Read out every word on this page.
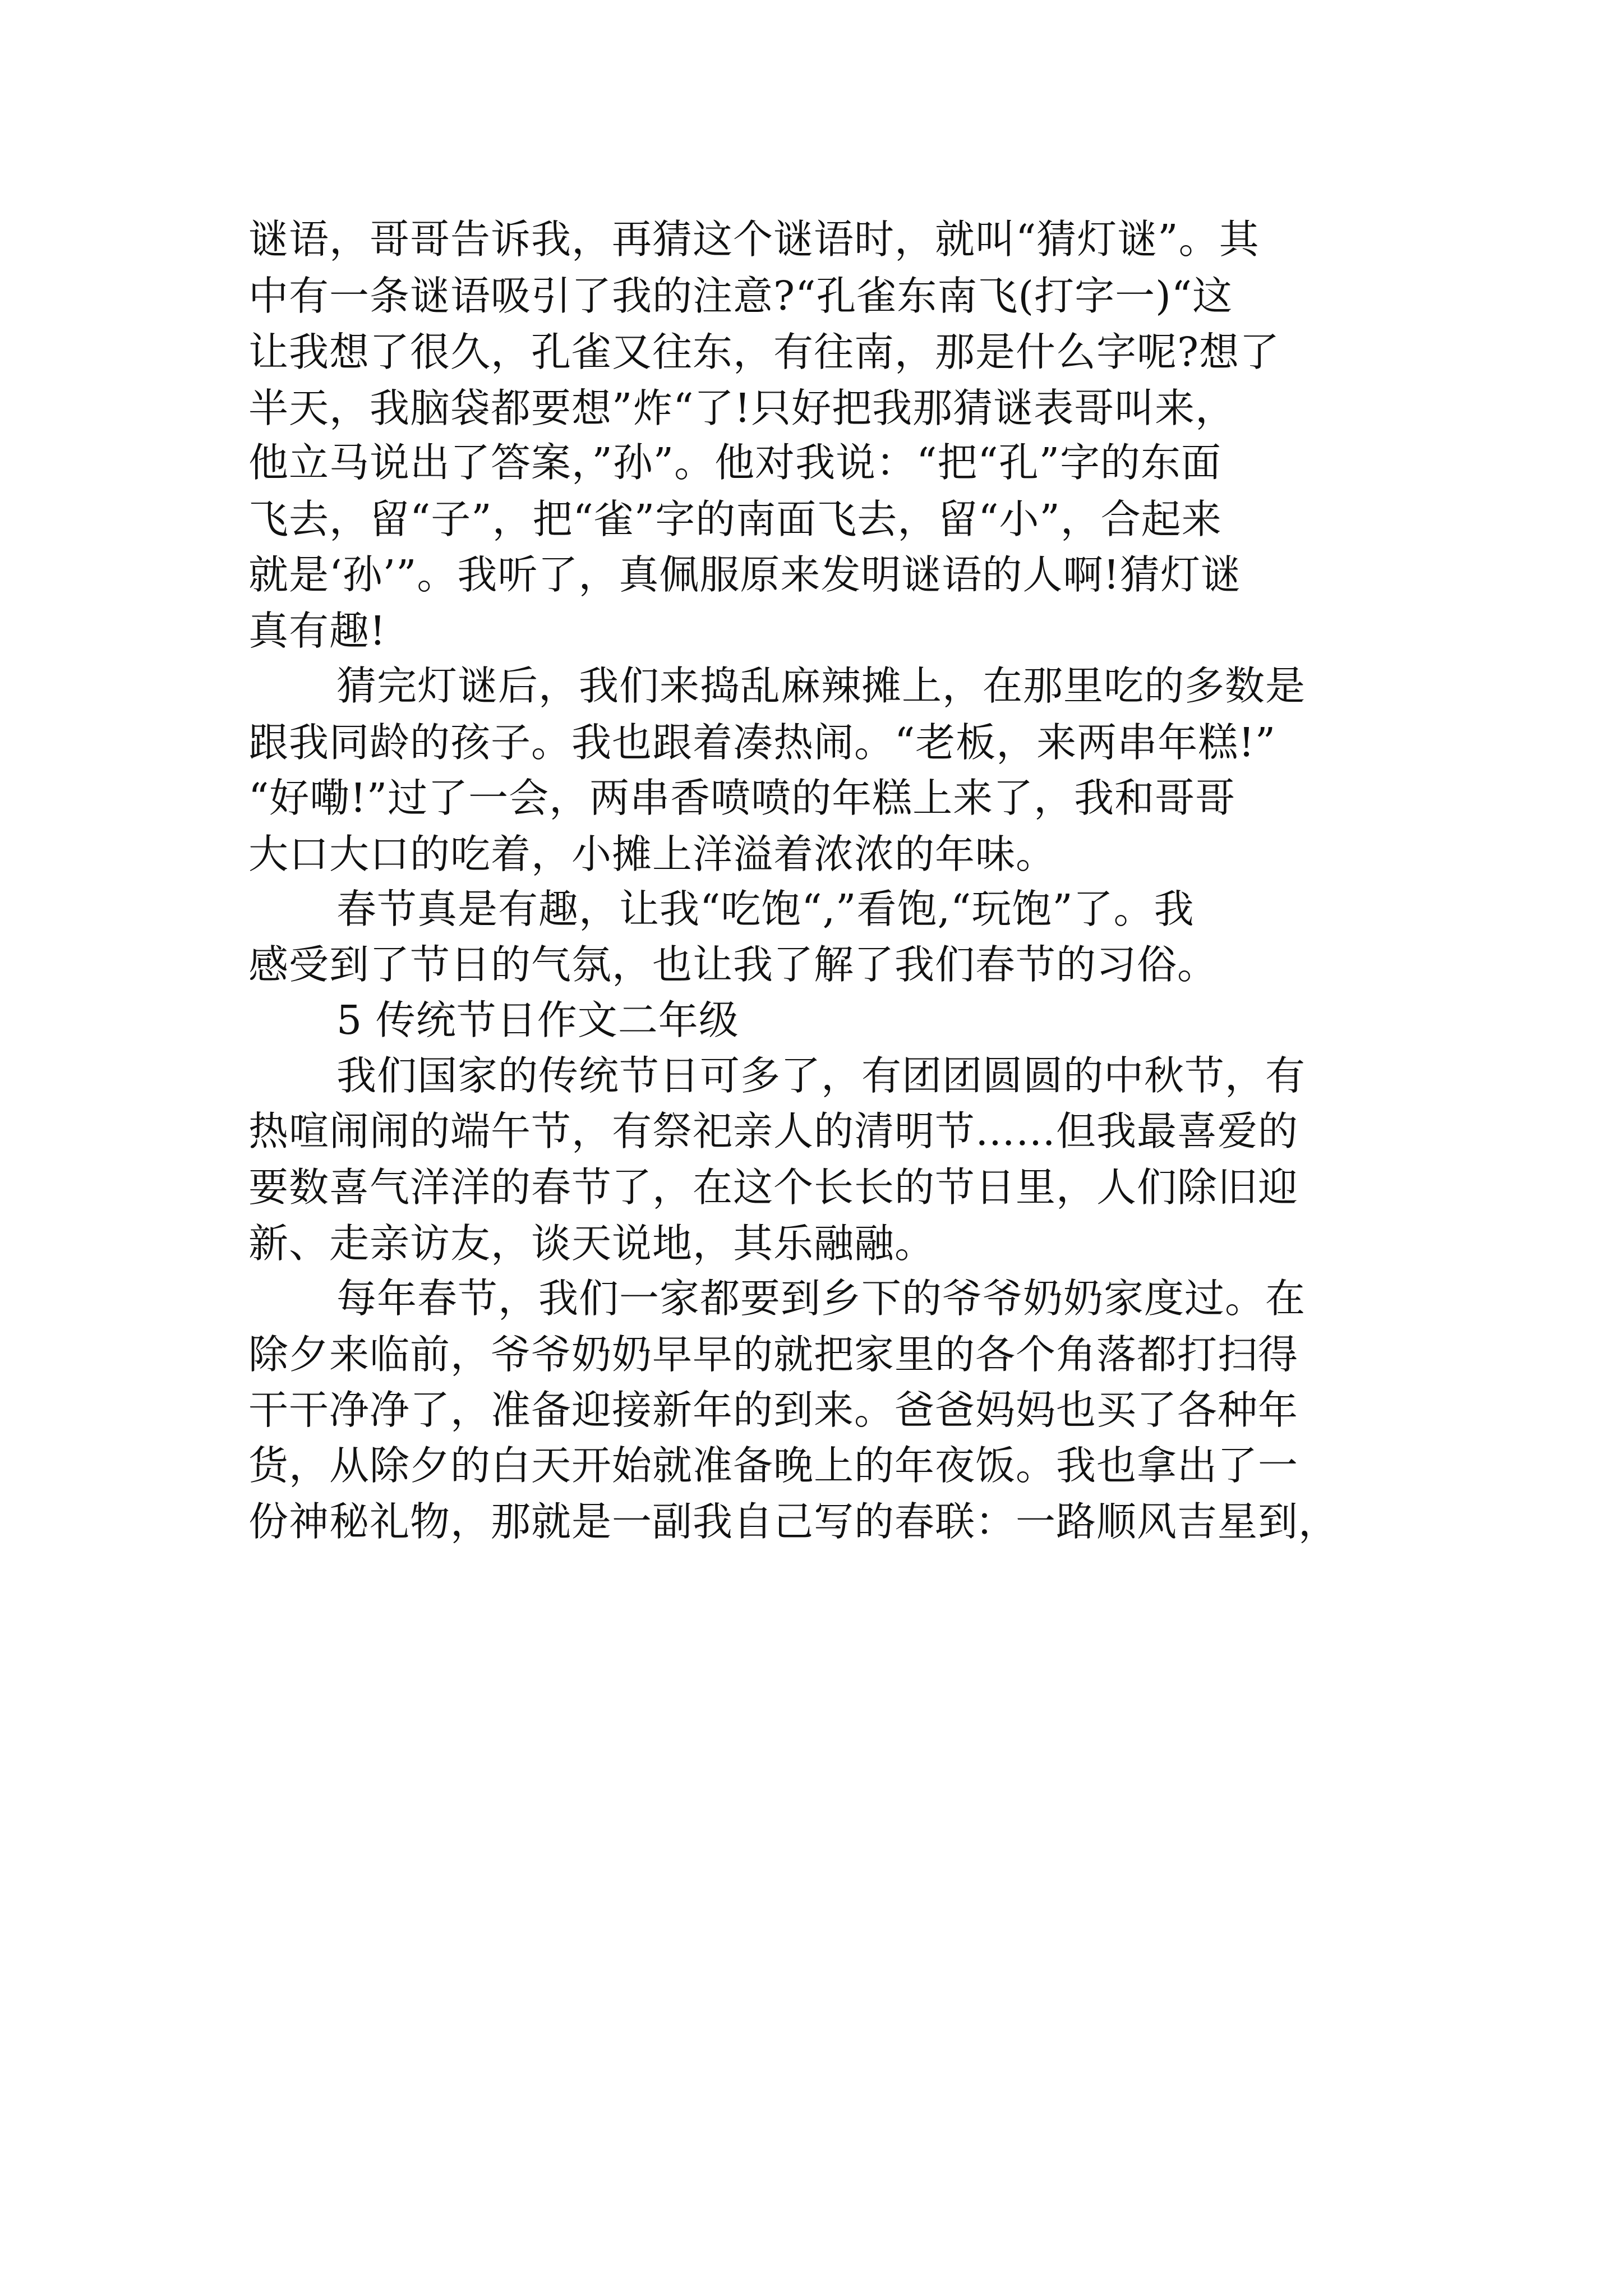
谜语，哥哥告诉我，再猜这个谜语时，就叫“猜灯谜”。其
中有一条谜语吸引了我的注意?“孔雀东南飞(打字一)“这
让我想了很久，孔雀又往东，有往南，那是什么字呢?想了
半天，我脑袋都要想”炸“了!只好把我那猜谜表哥叫来，
他立马说出了答案，”孙”。他对我说：“把“孔”字的东面
飞去，留“子”，把“雀”字的南面飞去，留“小”，合起来
就是‘孙’”。我听了，真佩服原来发明谜语的人啊!猜灯谜
真有趣!
猜完灯谜后，我们来捣乱麻辣摊上，在那里吃的多数是
跟我同龄的孩子。我也跟着凑热闹。“老板，来两串年糕!”
“好嘞!”过了一会，两串香喷喷的年糕上来了，我和哥哥
大口大口的吃着，小摊上洋溢着浓浓的年味。
春节真是有趣，让我“吃饱“,”看饱,“玩饱”了。我
感受到了节日的气氛，也让我了解了我们春节的习俗。
5 传统节日作文二年级
我们国家的传统节日可多了，有团团圆圆的中秋节，有
热喧闹闹的端午节，有祭祀亲人的清明节……但我最喜爱的
要数喜气洋洋的春节了，在这个长长的节日里，人们除旧迎
新、走亲访友，谈天说地，其乐融融。
每年春节，我们一家都要到乡下的爷爷奶奶家度过。在
除夕来临前，爷爷奶奶早早的就把家里的各个角落都打扫得
干干净净了，准备迎接新年的到来。爸爸妈妈也买了各种年
货，从除夕的白天开始就准备晚上的年夜饭。我也拿出了一
份神秘礼物，那就是一副我自己写的春联：一路顺风吉星到，
